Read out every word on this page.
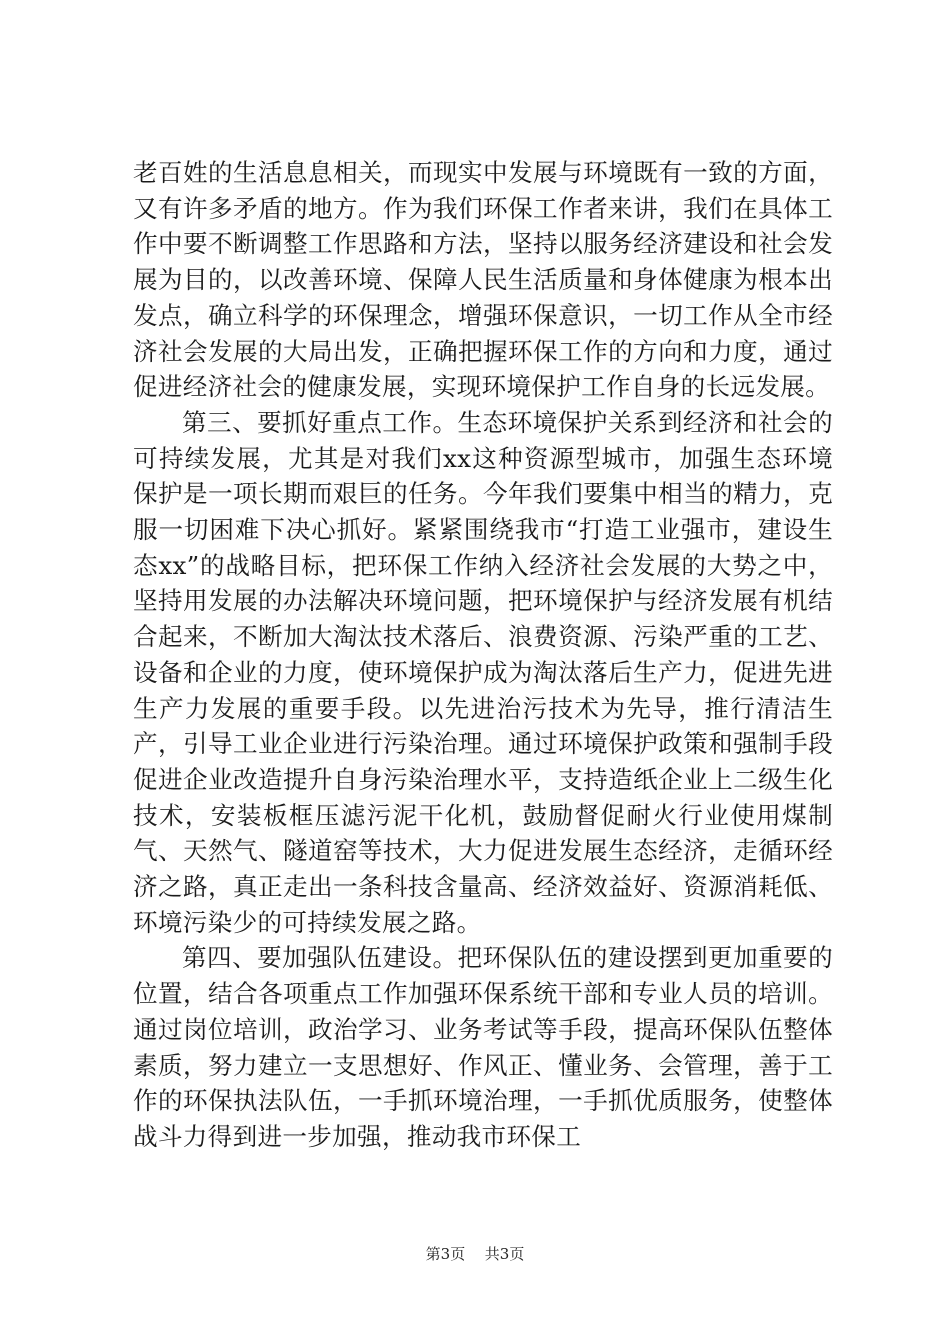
老百姓的生活息息相关，而现实中发展与环境既有一致的方面，又有许多矛盾的地方。作为我们环保工作者来讲，我们在具体工作中要不断调整工作思路和方法，坚持以服务经济建设和社会发展为目的，以改善环境、保障人民生活质量和身体健康为根本出发点，确立科学的环保理念，增强环保意识，一切工作从全市经济社会发展的大局出发，正确把握环保工作的方向和力度，通过促进经济社会的健康发展，实现环境保护工作自身的长远发展。

第三、要抓好重点工作。生态环境保护关系到经济和社会的可持续发展，尤其是对我们xx这种资源型城市，加强生态环境保护是一项长期而艰巨的任务。今年我们要集中相当的精力，克服一切困难下决心抓好。紧紧围绕我市“打造工业强市，建设生态xx”的战略目标，把环保工作纳入经济社会发展的大势之中，坚持用发展的办法解决环境问题，把环境保护与经济发展有机结合起来，不断加大淘汰技术落后、浪费资源、污染严重的工艺、设备和企业的力度，使环境保护成为淘汰落后生产力，促进先进生产力发展的重要手段。以先进治污技术为先导，推行清洁生产，引导工业企业进行污染治理。通过环境保护政策和强制手段促进企业改造提升自身污染治理水平，支持造纸企业上二级生化技术，安装板框压滤污泥干化机，鼓励督促耐火行业使用煤制气、天然气、隧道窑等技术，大力促进发展生态经济，走循环经济之路，真正走出一条科技含量高、经济效益好、资源消耗低、环境污染少的可持续发展之路。

第四、要加强队伍建设。把环保队伍的建设摆到更加重要的位置，结合各项重点工作加强环保系统干部和专业人员的培训。通过岗位培训，政治学习、业务考试等手段，提高环保队伍整体素质，努力建立一支思想好、作风正、懂业务、会管理，善于工作的环保执法队伍，一手抓环境治理，一手抓优质服务，使整体战斗力得到进一步加强，推动我市环保工

第3页 共3页
